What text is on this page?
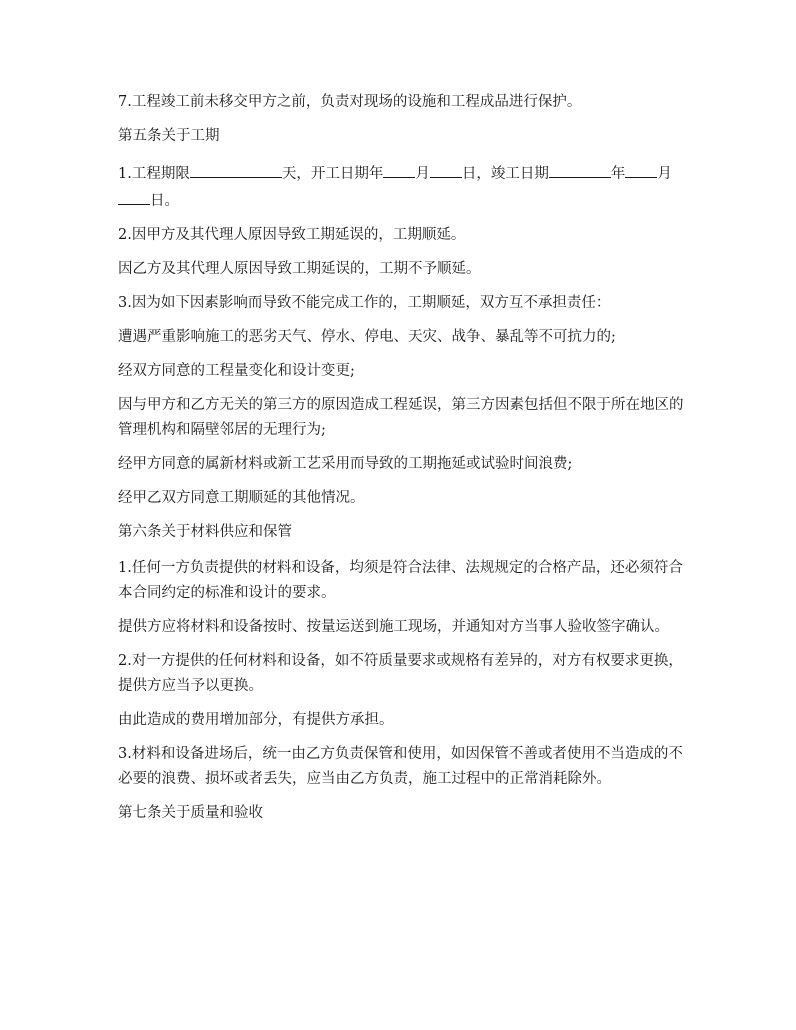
7.工程竣工前未移交甲方之前，负责对现场的设施和工程成品进行保护。

第五条关于工期

1.工程期限	天，开工日期年 月 日，竣工日期	年 月日。

2.因甲方及其代理人原因导致工期延误的，工期顺延。

因乙方及其代理人原因导致工期延误的，工期不予顺延。

3.因为如下因素影响而导致不能完成工作的，工期顺延，双方互不承担责任：

遭遇严重影响施工的恶劣天气、停水、停电、天灾、战争、暴乱等不可抗力的;

经双方同意的工程量变化和设计变更;

因与甲方和乙方无关的第三方的原因造成工程延误，第三方因素包括但不限于所在地区的管理机构和隔壁邻居的无理行为;

经甲方同意的属新材料或新工艺采用而导致的工期拖延或试验时间浪费;

经甲乙双方同意工期顺延的其他情况。

第六条关于材料供应和保管

1.任何一方负责提供的材料和设备，均须是符合法律、法规规定的合格产品，还必须符合本合同约定的标准和设计的要求。

提供方应将材料和设备按时、按量运送到施工现场，并通知对方当事人验收签字确认。

2.对一方提供的任何材料和设备，如不符质量要求或规格有差异的，对方有权要求更换，提供方应当予以更换。

由此造成的费用增加部分，有提供方承担。

3.材料和设备进场后，统一由乙方负责保管和使用，如因保管不善或者使用不当造成的不必要的浪费、损坏或者丢失，应当由乙方负责，施工过程中的正常消耗除外。

第七条关于质量和验收
